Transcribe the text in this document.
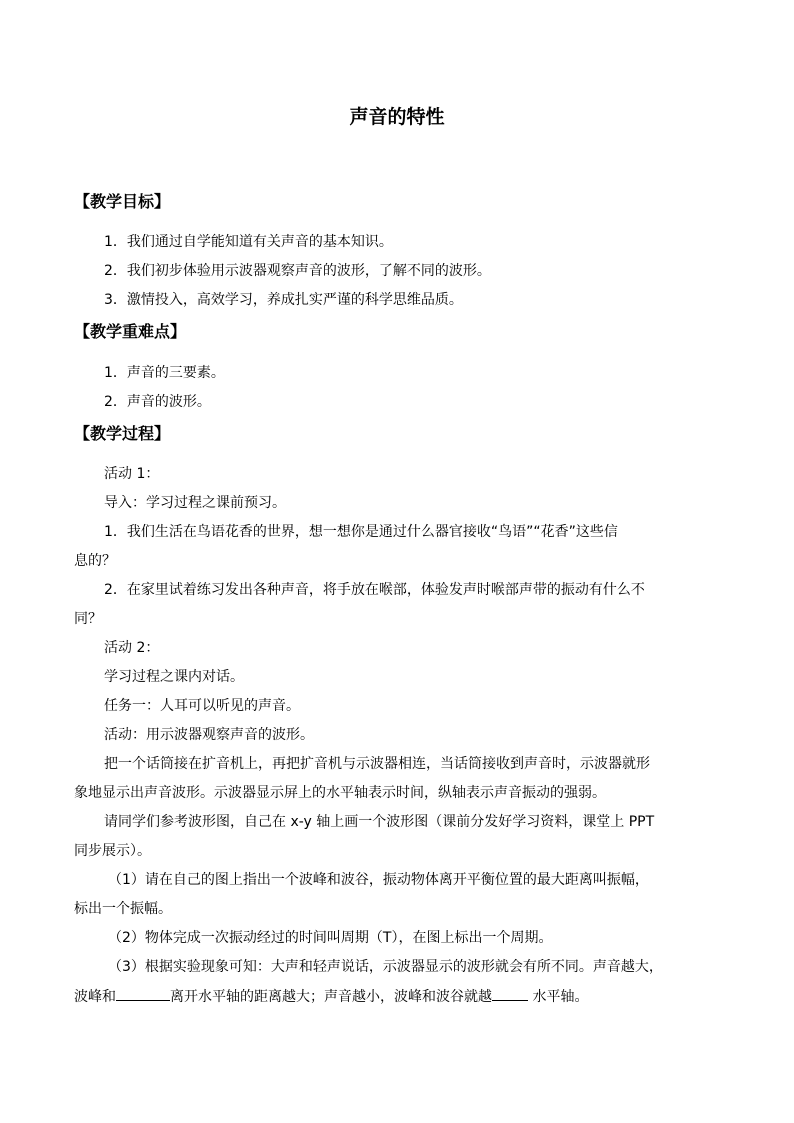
声音的特性
【教学目标】
1．我们通过自学能知道有关声音的基本知识。
2．我们初步体验用示波器观察声音的波形，了解不同的波形。
3．激情投入，高效学习，养成扎实严谨的科学思维品质。
【教学重难点】
1．声音的三要素。
2．声音的波形。
【教学过程】
活动 1：
导入：学习过程之课前预习。
1．我们生活在鸟语花香的世界，想一想你是通过什么器官接收“鸟语”“花香”这些信
息的？
2．在家里试着练习发出各种声音，将手放在喉部，体验发声时喉部声带的振动有什么不
同？
活动 2：
学习过程之课内对话。
任务一：人耳可以听见的声音。
活动：用示波器观察声音的波形。
把一个话筒接在扩音机上，再把扩音机与示波器相连，当话筒接收到声音时，示波器就形
象地显示出声音波形。示波器显示屏上的水平轴表示时间，纵轴表示声音振动的强弱。
请同学们参考波形图，自己在 x-y 轴上画一个波形图（课前分发好学习资料，课堂上 PPT
同步展示）。
（1）请在自己的图上指出一个波峰和波谷，振动物体离开平衡位置的最大距离叫振幅，
标出一个振幅。
（2）物体完成一次振动经过的时间叫周期（T），在图上标出一个周期。
（3）根据实验现象可知：大声和轻声说话，示波器显示的波形就会有所不同。声音越大，
波峰和	离开水平轴的距离越大；声音越小，波峰和波谷就越	水平轴。
